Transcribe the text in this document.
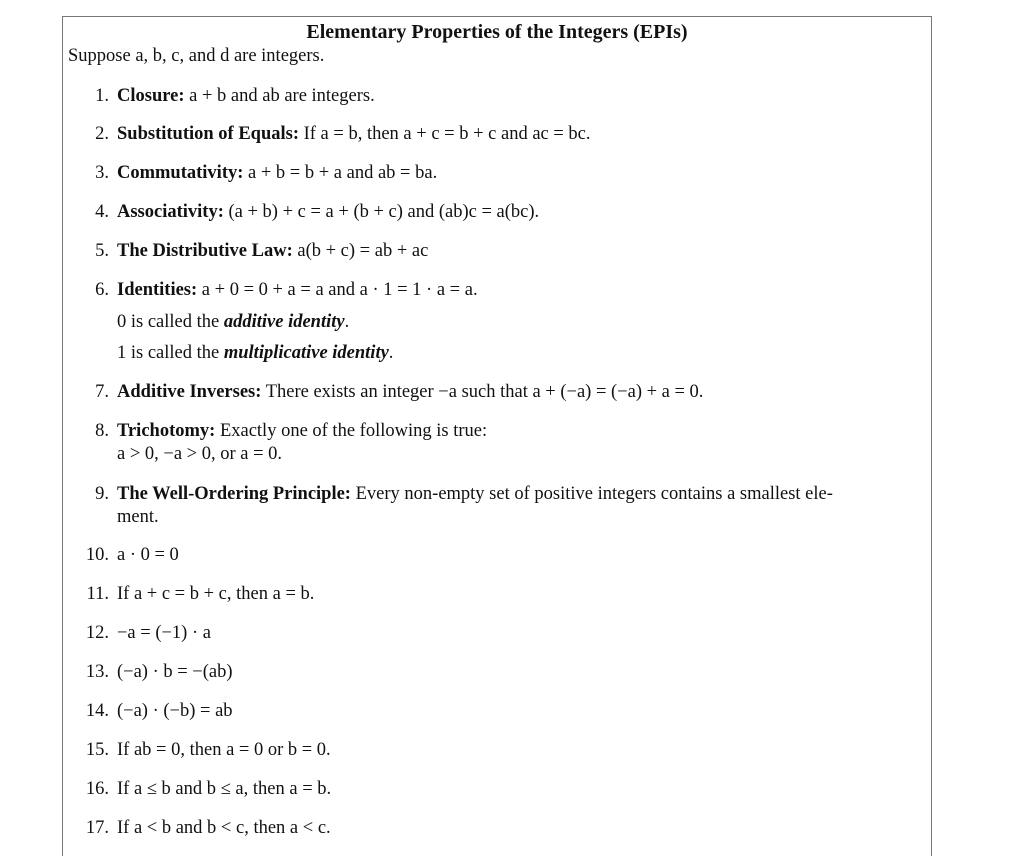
Elementary Properties of the Integers (EPIs)
Suppose a, b, c, and d are integers.
1. Closure: a + b and ab are integers.
2. Substitution of Equals: If a = b, then a + c = b + c and ac = bc.
3. Commutativity: a + b = b + a and ab = ba.
4. Associativity: (a + b) + c = a + (b + c) and (ab)c = a(bc).
5. The Distributive Law: a(b + c) = ab + ac
6. Identities: a + 0 = 0 + a = a and a · 1 = 1 · a = a.
0 is called the additive identity.
1 is called the multiplicative identity.
7. Additive Inverses: There exists an integer −a such that a + (−a) = (−a) + a = 0.
8. Trichotomy: Exactly one of the following is true:
a > 0, −a > 0, or a = 0.
9. The Well-Ordering Principle: Every non-empty set of positive integers contains a smallest ele-
ment.
10. a · 0 = 0
11. If a + c = b + c, then a = b.
12. −a = (−1) · a
13. (−a) · b = −(ab)
14. (−a) · (−b) = ab
15. If ab = 0, then a = 0 or b = 0.
16. If a ≤ b and b ≤ a, then a = b.
17. If a < b and b < c, then a < c.
